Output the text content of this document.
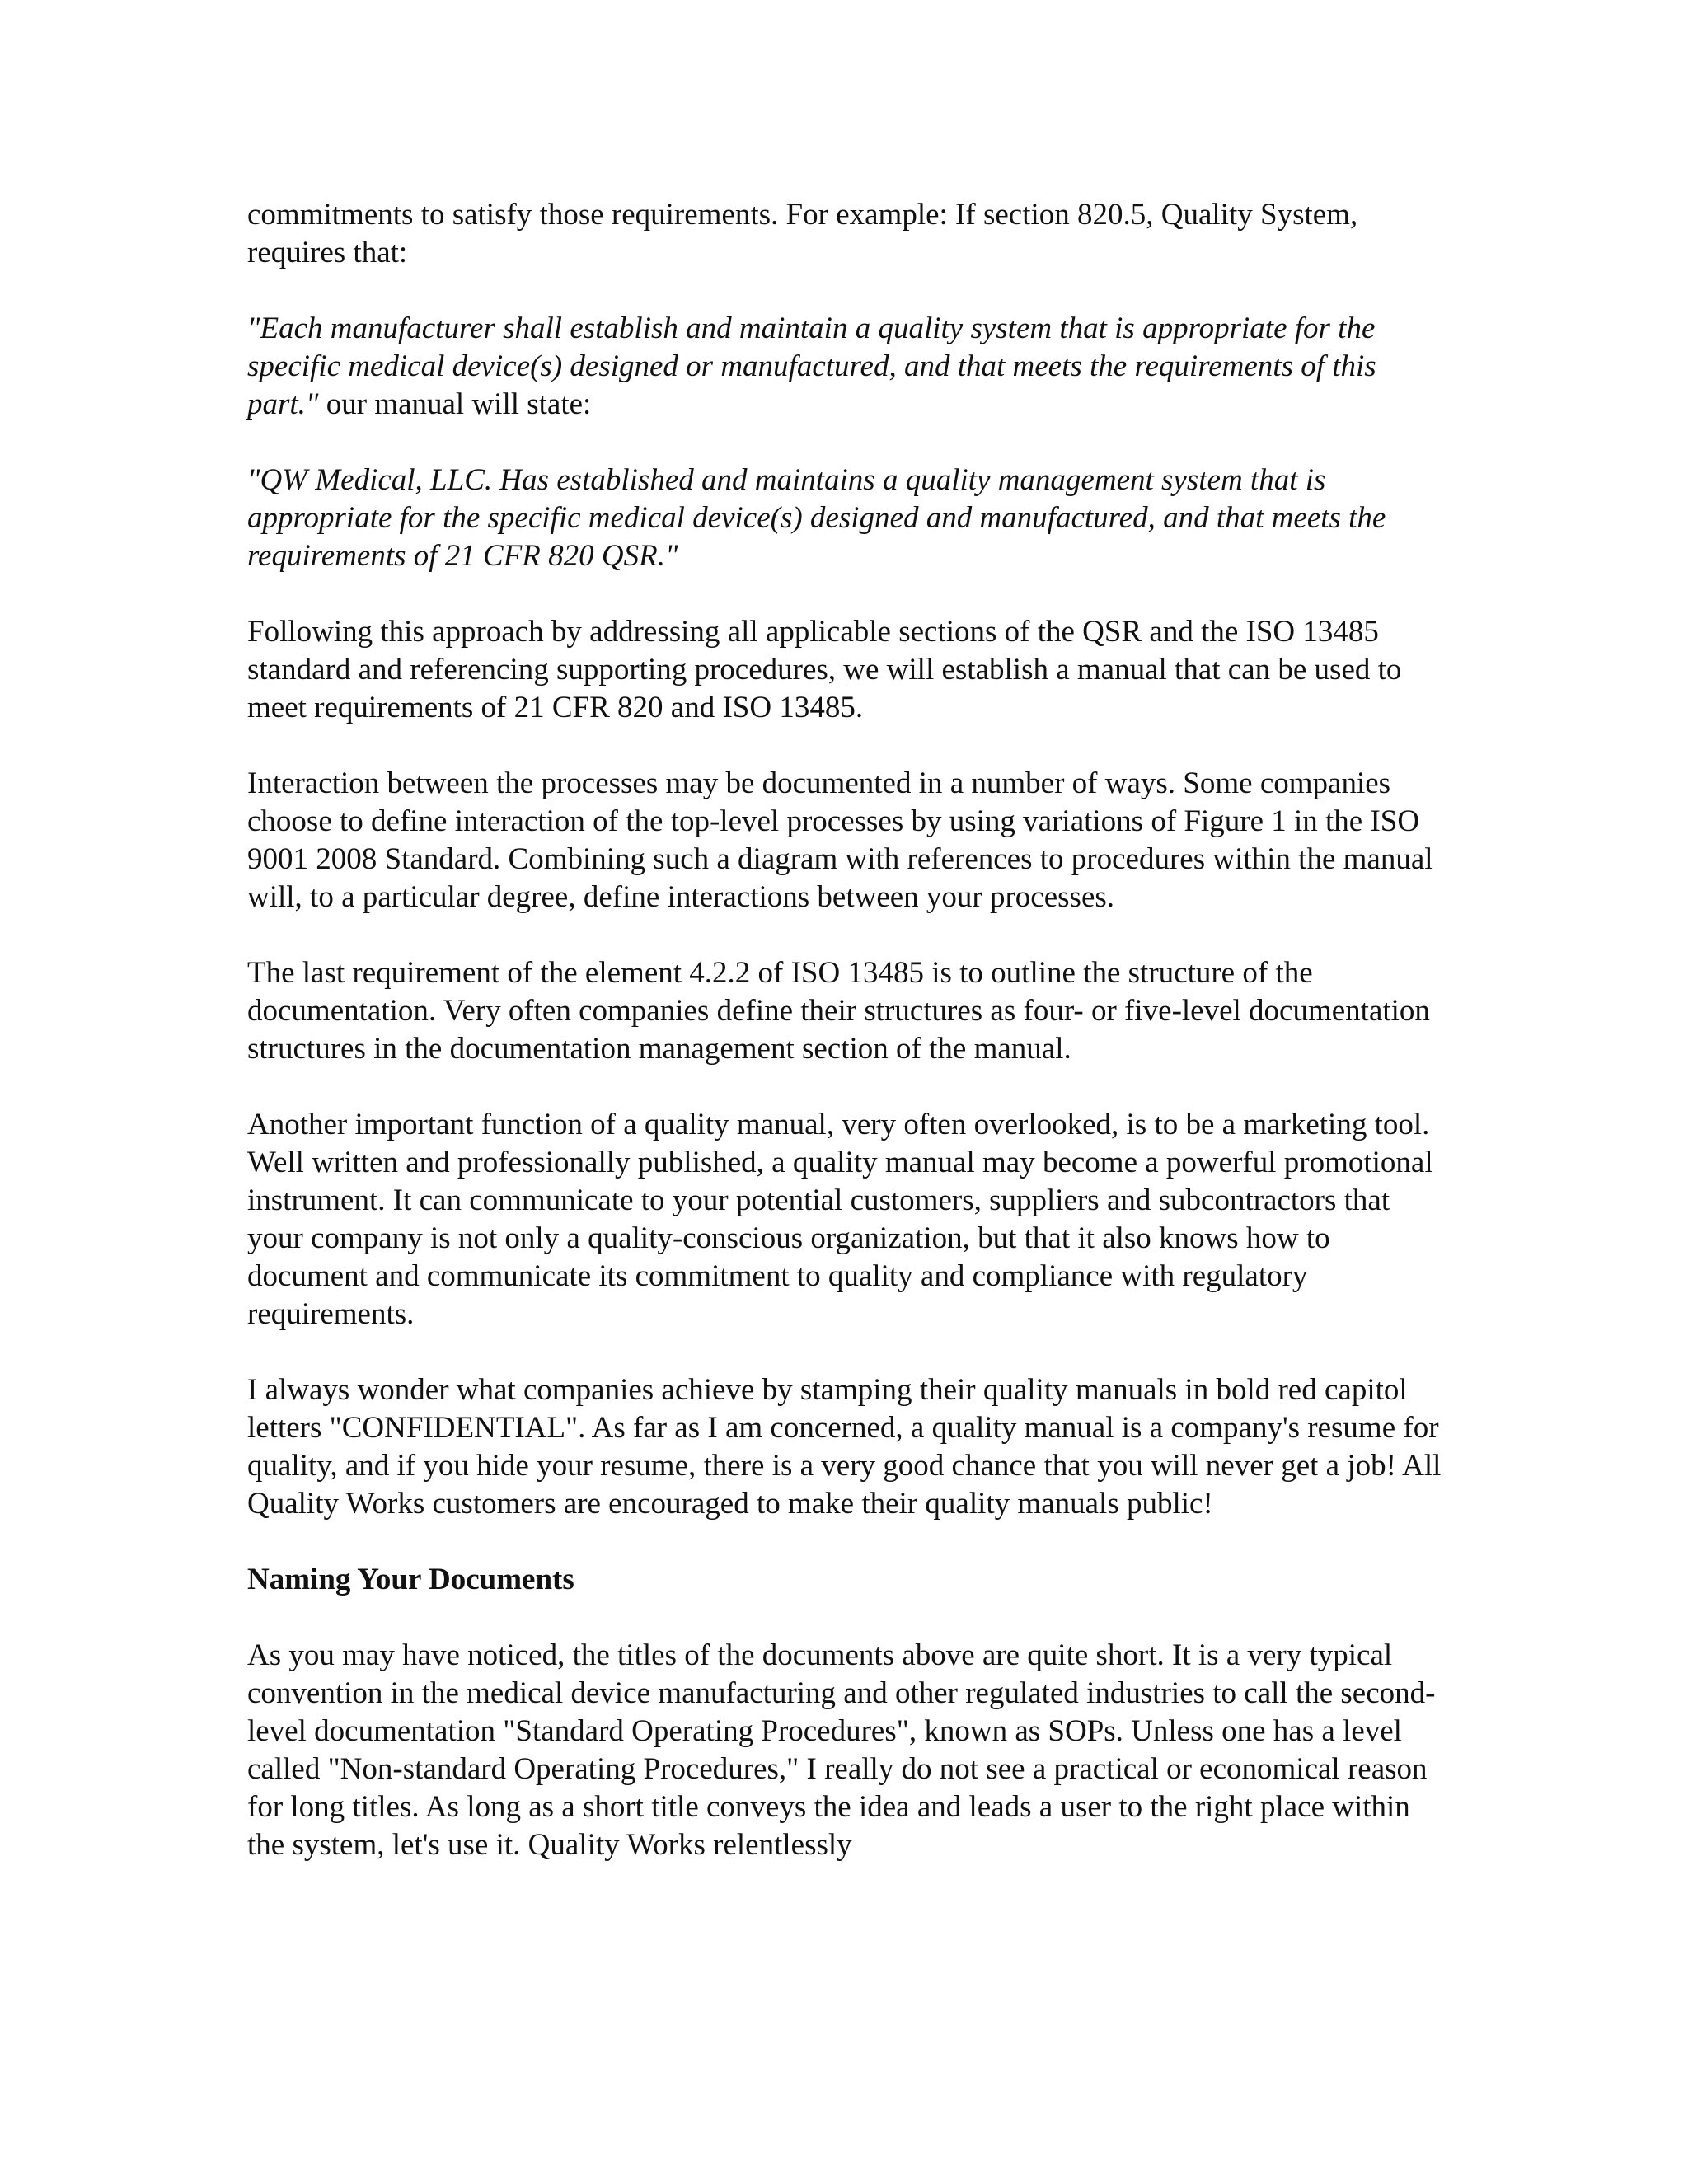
commitments to satisfy those requirements. For example: If section 820.5, Quality System, requires that:

"Each manufacturer shall establish and maintain a quality system that is appropriate for the specific medical device(s) designed or manufactured, and that meets the requirements of this part." our manual will state:

"QW Medical, LLC. Has established and maintains a quality management system that is appropriate for the specific medical device(s) designed and manufactured, and that meets the requirements of 21 CFR 820 QSR."

Following this approach by addressing all applicable sections of the QSR and the ISO 13485 standard and referencing supporting procedures, we will establish a manual that can be used to meet requirements of 21 CFR 820 and ISO 13485.

Interaction between the processes may be documented in a number of ways. Some companies choose to define interaction of the top-level processes by using variations of Figure 1 in the ISO 9001 2008 Standard. Combining such a diagram with references to procedures within the manual will, to a particular degree, define interactions between your processes.

The last requirement of the element 4.2.2 of ISO 13485 is to outline the structure of the documentation. Very often companies define their structures as four- or five-level documentation structures in the documentation management section of the manual.

Another important function of a quality manual, very often overlooked, is to be a marketing tool. Well written and professionally published, a quality manual may become a powerful promotional instrument. It can communicate to your potential customers, suppliers and subcontractors that your company is not only a quality-conscious organization, but that it also knows how to document and communicate its commitment to quality and compliance with regulatory requirements.

I always wonder what companies achieve by stamping their quality manuals in bold red capitol letters "CONFIDENTIAL". As far as I am concerned, a quality manual is a company's resume for quality, and if you hide your resume, there is a very good chance that you will never get a job! All Quality Works customers are encouraged to make their quality manuals public!

Naming Your Documents

As you may have noticed, the titles of the documents above are quite short. It is a very typical convention in the medical device manufacturing and other regulated industries to call the second-level documentation "Standard Operating Procedures", known as SOPs. Unless one has a level called "Non-standard Operating Procedures," I really do not see a practical or economical reason for long titles. As long as a short title conveys the idea and leads a user to the right place within the system, let's use it. Quality Works relentlessly
